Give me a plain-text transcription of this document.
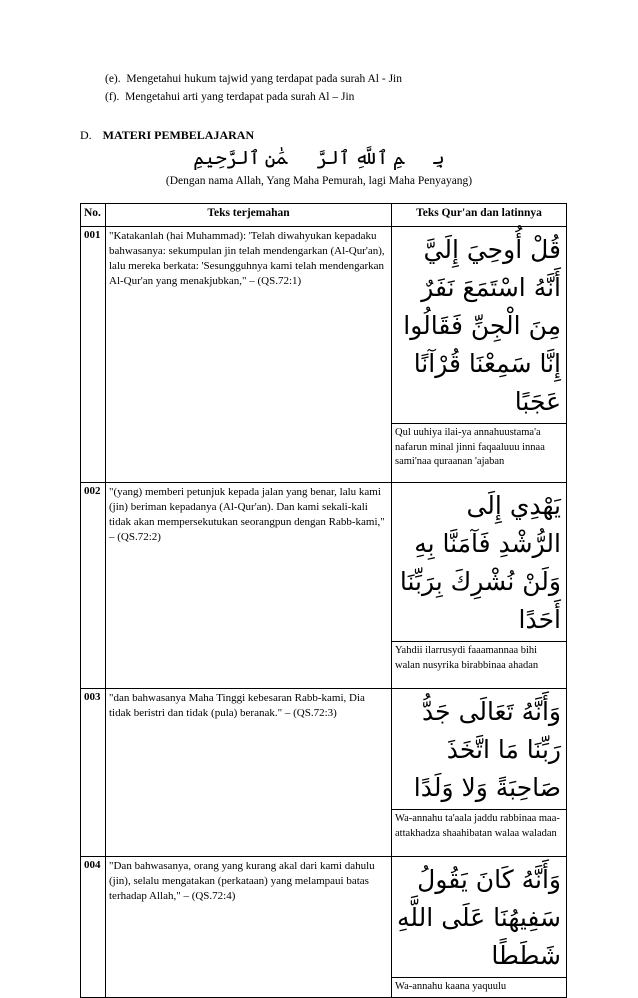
(e). Mengetahui hukum tajwid yang terdapat pada surah Al - Jin
(f). Mengetahui arti yang terdapat pada surah Al – Jin
D. MATERI PEMBELAJARAN
بِسۡمِ ٱللَّهِ ٱلرَّحۡمَٰنِ ٱلرَّحِيمِ
(Dengan nama Allah, Yang Maha Pemurah, lagi Maha Penyayang)
No.	Teks terjemahan	Teks Qur'an dan latinnya
001	"Katakanlah (hai Muhammad): 'Telah diwahyukan kepadaku bahwasanya: sekumpulan jin telah mendengarkan (Al-Qur'an), lalu mereka berkata: 'Sesungguhnya kami telah mendengarkan Al-Qur'an yang menakjubkan," – (QS.72:1)	قُلْ أُوحِيَ إِلَيَّ أَنَّهُ اسْتَمَعَ نَفَرٌ مِنَ الْجِنِّ فَقَالُوا إِنَّا سَمِعْنَا قُرْآنًا عَجَبًا
		Qul uuhiya ilai-ya annahuustama'a nafarun minal jinni faqaaluuu innaa sami'naa quraanan 'ajaban
002	"(yang) memberi petunjuk kepada jalan yang benar, lalu kami (jin) beriman kepadanya (Al-Qur'an). Dan kami sekali-kali tidak akan mempersekutukan seorangpun dengan Rabb-kami," – (QS.72:2)	يَهْدِي إِلَى الرُّشْدِ فَآمَنَّا بِهِ وَلَنْ نُشْرِكَ بِرَبِّنَا أَحَدًا
		Yahdii ilarrusydi faaamannaa bihi walan nusyrika birabbinaa ahadan
003	"dan bahwasanya Maha Tinggi kebesaran Rabb-kami, Dia tidak beristri dan tidak (pula) beranak." – (QS.72:3)	وَأَنَّهُ تَعَالَى جَدُّ رَبِّنَا مَا اتَّخَذَ صَاحِبَةً وَلا وَلَدًا
		Wa-annahu ta'aala jaddu rabbinaa maa-attakhadza shaahibatan walaa waladan
004	"Dan bahwasanya, orang yang kurang akal dari kami dahulu (jin), selalu mengatakan (perkataan) yang melampaui batas terhadap Allah," – (QS.72:4)	وَأَنَّهُ كَانَ يَقُولُ سَفِيهُنَا عَلَى اللَّهِ شَطَطًا
		Wa-annahu kaana yaquulu
